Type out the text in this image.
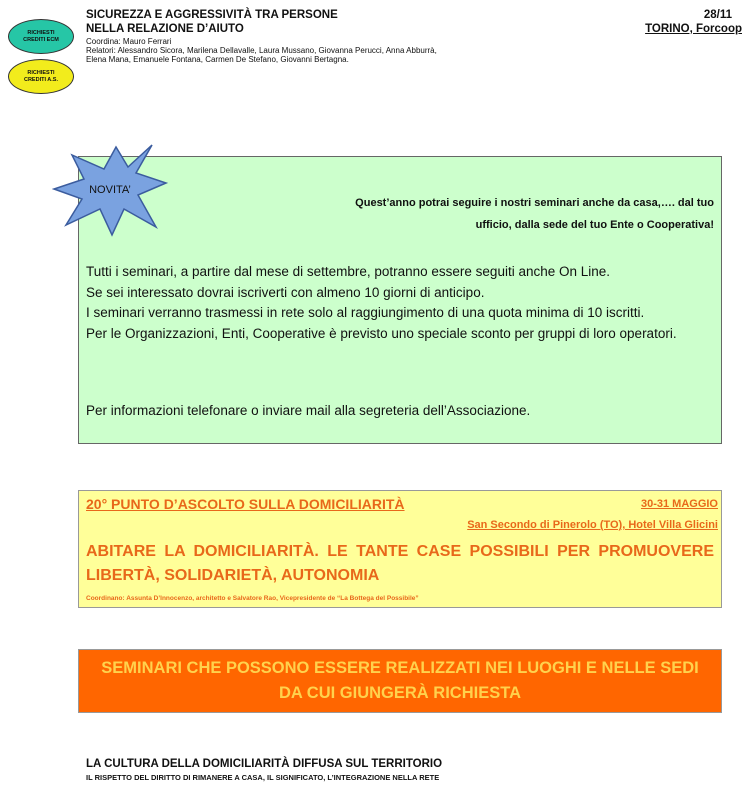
RICHIESTI
CREDITI ECM
RICHIESTI
CREDITI A.S.
SICUREZZA E AGGRESSIVITÀ TRA PERSONE
NELLA RELAZIONE D’AIUTO
Coordina: Mauro Ferrari
Relatori: Alessandro Sicora, Marilena Dellavalle, Laura Mussano, Giovanna Perucci, Anna Abburrà,
Elena Mana, Emanuele Fontana, Carmen De Stefano, Giovanni Bertagna.
28/11
TORINO, Forcoop
NOVITA’
Quest’anno potrai seguire i nostri seminari anche da casa,…. dal tuo
ufficio, dalla sede del tuo Ente o Cooperativa!

Tutti i seminari, a partire dal mese di settembre, potranno essere seguiti anche On Line.

Se sei interessato dovrai iscriverti con almeno 10 giorni di anticipo.

I seminari verranno trasmessi in rete solo al raggiungimento di una quota minima di 10 iscritti.

Per le Organizzazioni, Enti, Cooperative è previsto uno speciale sconto per gruppi di loro operatori.

Per informazioni telefonare o inviare mail alla segreteria dell’Associazione.
20° PUNTO D’ASCOLTO SULLA DOMICILIARITÀ	30-31 MAGGIO
San Secondo di Pinerolo (TO), Hotel Villa Glicini
ABITARE LA DOMICILIARITÀ. LE TANTE CASE POSSIBILI PER PROMUOVERE LIBERTÀ, SOLIDARIETÀ, AUTONOMIA
Coordinano: Assunta D’Innocenzo, architetto e Salvatore Rao, Vicepresidente de “La Bottega del Possibile”
SEMINARI CHE POSSONO ESSERE REALIZZATI NEI LUOGHI E NELLE SEDI DA CUI GIUNGERÀ RICHIESTA
LA CULTURA DELLA DOMICILIARITÀ DIFFUSA SUL TERRITORIO
IL RISPETTO DEL DIRITTO DI RIMANERE A CASA, IL SIGNIFICATO, L’INTEGRAZIONE NELLA RETE
